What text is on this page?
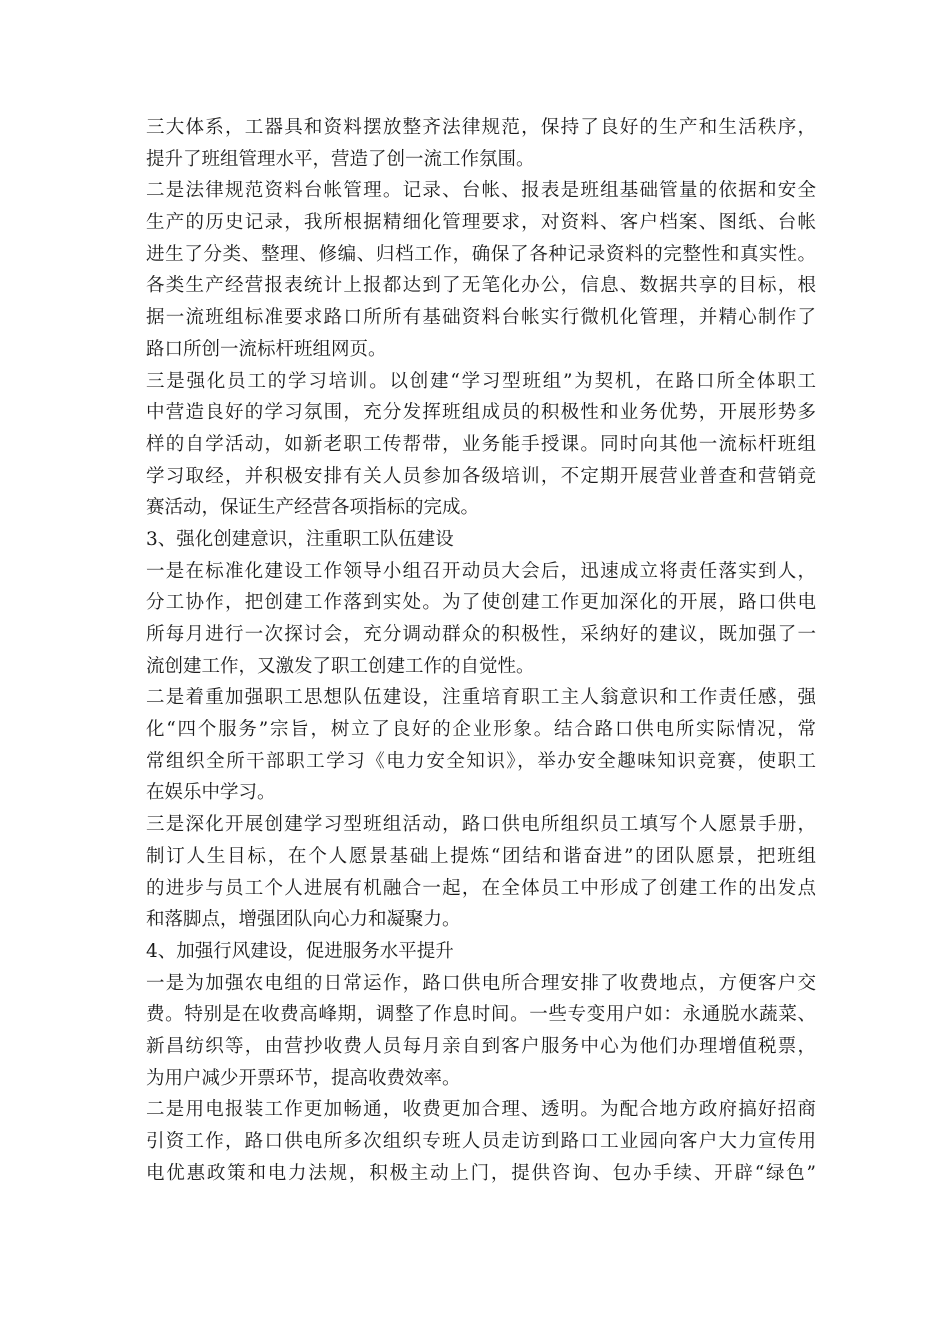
三大体系，工器具和资料摆放整齐法律规范，保持了良好的生产和生活秩序，
提升了班组管理水平，营造了创一流工作氛围。
二是法律规范资料台帐管理。记录、台帐、报表是班组基础管量的依据和安全
生产的历史记录，我所根据精细化管理要求，对资料、客户档案、图纸、台帐
进生了分类、整理、修编、归档工作，确保了各种记录资料的完整性和真实性。
各类生产经营报表统计上报都达到了无笔化办公，信息、数据共享的目标，根
据一流班组标准要求路口所所有基础资料台帐实行微机化管理，并精心制作了
路口所创一流标杆班组网页。
三是强化员工的学习培训。以创建“学习型班组”为契机，在路口所全体职工
中营造良好的学习氛围，充分发挥班组成员的积极性和业务优势，开展形势多
样的自学活动，如新老职工传帮带，业务能手授课。同时向其他一流标杆班组
学习取经，并积极安排有关人员参加各级培训，不定期开展营业普查和营销竞
赛活动，保证生产经营各项指标的完成。
3、强化创建意识，注重职工队伍建设
一是在标准化建设工作领导小组召开动员大会后，迅速成立将责任落实到人，
分工协作，把创建工作落到实处。为了使创建工作更加深化的开展，路口供电
所每月进行一次探讨会，充分调动群众的积极性，采纳好的建议，既加强了一
流创建工作，又激发了职工创建工作的自觉性。
二是着重加强职工思想队伍建设，注重培育职工主人翁意识和工作责任感，强
化“四个服务”宗旨，树立了良好的企业形象。结合路口供电所实际情况，常
常组织全所干部职工学习《电力安全知识》，举办安全趣味知识竞赛，使职工
在娱乐中学习。
三是深化开展创建学习型班组活动，路口供电所组织员工填写个人愿景手册，
制订人生目标，在个人愿景基础上提炼“团结和谐奋进”的团队愿景，把班组
的进步与员工个人进展有机融合一起，在全体员工中形成了创建工作的出发点
和落脚点，增强团队向心力和凝聚力。
4、加强行风建设，促进服务水平提升
一是为加强农电组的日常运作，路口供电所合理安排了收费地点，方便客户交
费。特别是在收费高峰期，调整了作息时间。一些专变用户如：永通脱水蔬菜、
新昌纺织等，由营抄收费人员每月亲自到客户服务中心为他们办理增值税票，
为用户减少开票环节，提高收费效率。
二是用电报装工作更加畅通，收费更加合理、透明。为配合地方政府搞好招商
引资工作，路口供电所多次组织专班人员走访到路口工业园向客户大力宣传用
电优惠政策和电力法规，积极主动上门，提供咨询、包办手续、开辟“绿色”
